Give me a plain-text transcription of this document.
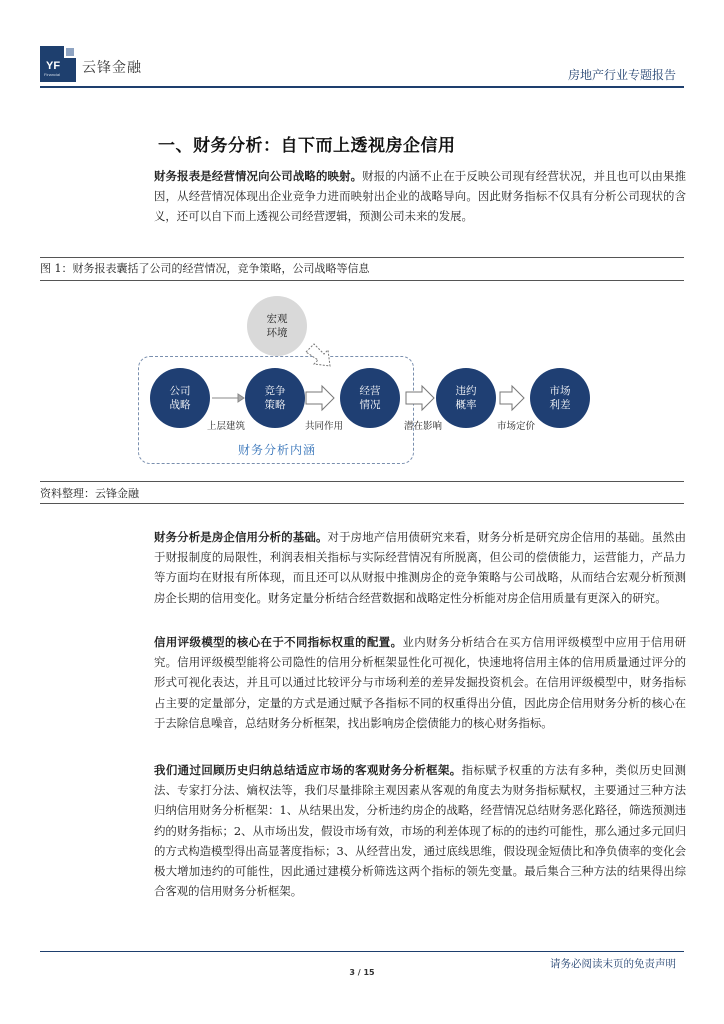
YF
Financial 云锋金融	房地产行业专题报告
一、财务分析：自下而上透视房企信用

财务报表是经营情况向公司战略的映射。财报的内涵不止在于反映公司现有经营状况，并且也可以由果推因，从经营情况体现出企业竞争力进而映射出企业的战略导向。因此财务指标不仅具有分析公司现状的含义，还可以自下而上透视公司经营逻辑，预测公司未来的发展。

图 1：财务报表囊括了公司的经营情况，竞争策略，公司战略等信息
宏观
环境
公司
战略
竞争
策略
经营
情况
违约
概率
市场
利差
上层建筑	共同作用	潜在影响	市场定价
财务分析内涵
资料整理：云锋金融

财务分析是房企信用分析的基础。对于房地产信用债研究来看，财务分析是研究房企信用的基础。虽然由于财报制度的局限性，利润表相关指标与实际经营情况有所脱离，但公司的偿债能力，运营能力，产品力等方面均在财报有所体现，而且还可以从财报中推测房企的竞争策略与公司战略，从而结合宏观分析预测房企长期的信用变化。财务定量分析结合经营数据和战略定性分析能对房企信用质量有更深入的研究。

信用评级模型的核心在于不同指标权重的配置。业内财务分析结合在买方信用评级模型中应用于信用研究。信用评级模型能将公司隐性的信用分析框架显性化可视化，快速地将信用主体的信用质量通过评分的形式可视化表达，并且可以通过比较评分与市场利差的差异发掘投资机会。在信用评级模型中，财务指标占主要的定量部分，定量的方式是通过赋予各指标不同的权重得出分值，因此房企信用财务分析的核心在于去除信息噪音，总结财务分析框架，找出影响房企偿债能力的核心财务指标。

我们通过回顾历史归纳总结适应市场的客观财务分析框架。指标赋予权重的方法有多种，类似历史回测法、专家打分法、熵权法等，我们尽量排除主观因素从客观的角度去为财务指标赋权，主要通过三种方法归纳信用财务分析框架：1、从结果出发，分析违约房企的战略，经营情况总结财务恶化路径，筛选预测违约的财务指标；2、从市场出发，假设市场有效，市场的利差体现了标的的违约可能性，那么通过多元回归的方式构造模型得出高显著度指标；3、从经营出发，通过底线思维，假设现金短债比和净负债率的变化会极大增加违约的可能性，因此通过建模分析筛选这两个指标的领先变量。最后集合三种方法的结果得出综合客观的信用财务分析框架。

请务必阅读末页的免责声明
3 / 15
